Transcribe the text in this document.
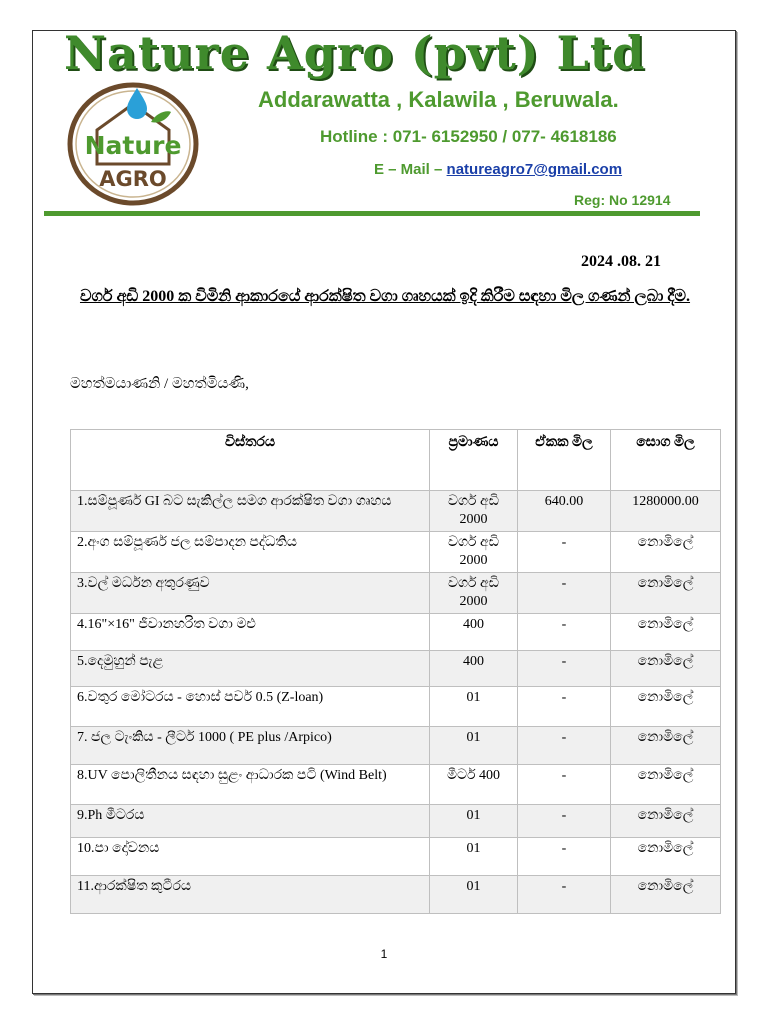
Nature Agro (pvt) Ltd
Nature
AGRO
Addarawatta , Kalawila , Beruwala.
Hotline : 071- 6152950 / 077- 4618186
E – Mail – natureagro7@gmail.com
Reg: No 12914
2024 .08. 21
වර්ග අඩි 2000 ක විමිනි ආකාරයේ ආරක්ෂිත වගා ගෘහයක් ඉදි කිරීම සඳහා මිල ගණන් ලබා දීම.
මහත්මයාණනි / මහත්මියණි,
විස්තරය	ප්‍රමාණය	ඒකක මිල	සොග මිල
1.සම්පූර්ණ GI බට සැකිල්ල සමග ආරක්ෂිත වගා ගෘහය	වර්ග අඩි 2000	640.00	1280000.00
2.අංග සම්පූර්ණ ජල සම්පාදන පද්ධතිය	වර්ග අඩි 2000	-	නොමිලේ
3.වල් මර්ධන අතුරණුව	වර්ග අඩි 2000	-	නොමිලේ
4.16"×16" ජීවානහරිත වගා මළු	400	-	නොමිලේ
5.දෙමුහුන් පැළ	400	-	නොමිලේ
6.වතුර මෝටරය - හොස් පවර් 0.5 (Z-loan)	01	-	නොමිලේ
7. ජල ටැංකිය - ලීටර් 1000 ( PE plus /Arpico)	01	-	නොමිලේ
8.UV පොලිතීනය සඳහා සුළං ආධාරක පටි (Wind Belt)	මීටර් 400	-	නොමිලේ
9.Ph මීටරය	01	-	නොමිලේ
10.පා දෝවනය	01	-	නොමිලේ
11.ආරක්ෂිත කුටීරය	01	-	නොමිලේ
1
